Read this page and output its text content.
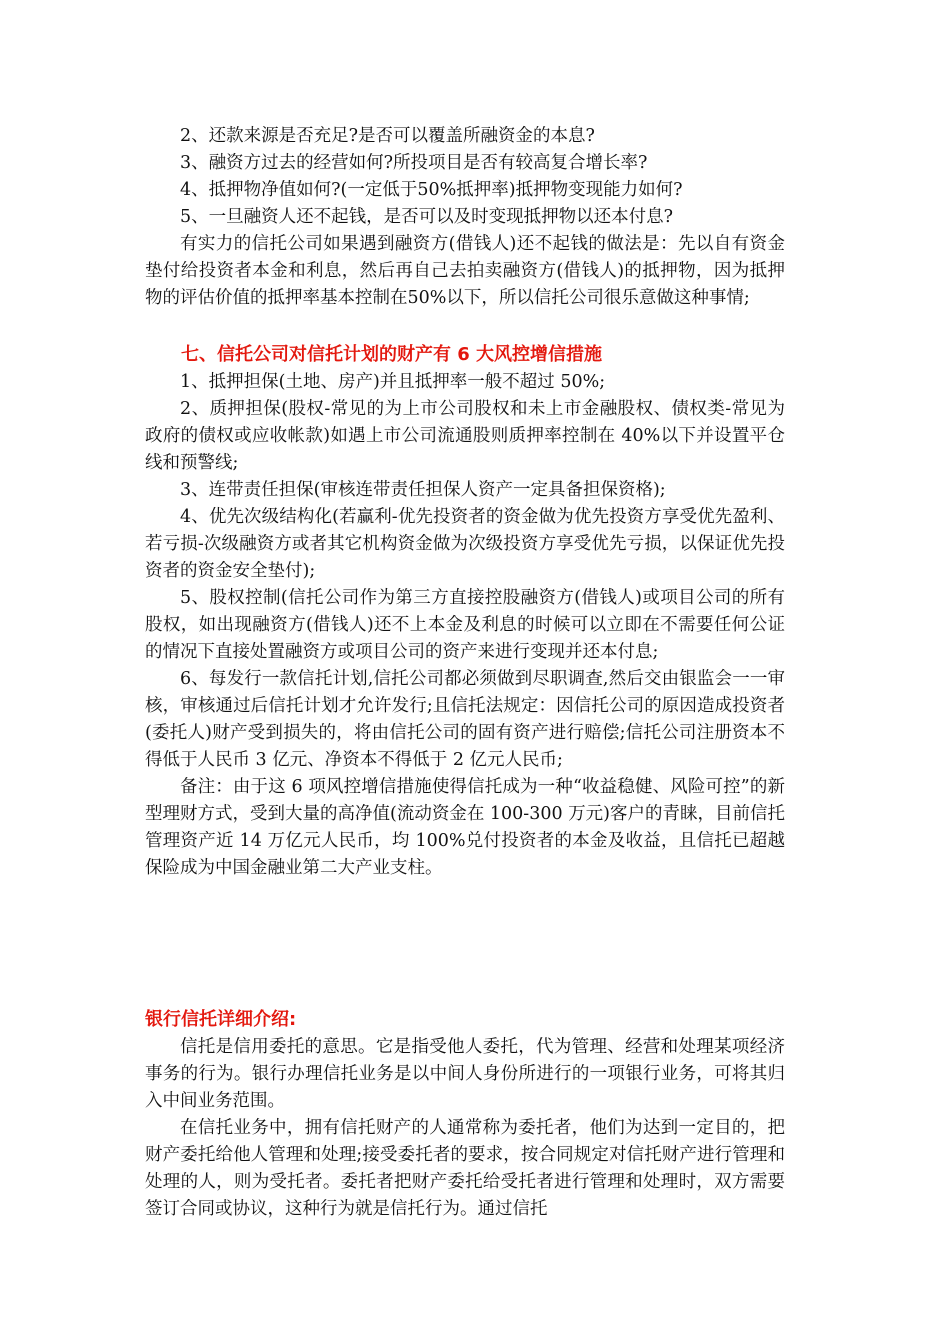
2、还款来源是否充足?是否可以覆盖所融资金的本息?

3、融资方过去的经营如何?所投项目是否有较高复合增长率?

4、抵押物净值如何?(一定低于50%抵押率)抵押物变现能力如何?

5、一旦融资人还不起钱，是否可以及时变现抵押物以还本付息?

有实力的信托公司如果遇到融资方(借钱人)还不起钱的做法是：先以自有资金垫付给投资者本金和利息，然后再自己去拍卖融资方(借钱人)的抵押物，因为抵押物的评估价值的抵押率基本控制在50%以下，所以信托公司很乐意做这种事情;

七、信托公司对信托计划的财产有 6 大风控增信措施

1、抵押担保(土地、房产)并且抵押率一般不超过 50%;

2、质押担保(股权-常见的为上市公司股权和未上市金融股权、债权类-常见为政府的债权或应收帐款)如遇上市公司流通股则质押率控制在 40%以下并设置平仓线和预警线;

3、连带责任担保(审核连带责任担保人资产一定具备担保资格);

4、优先次级结构化(若赢利-优先投资者的资金做为优先投资方享受优先盈利、若亏损-次级融资方或者其它机构资金做为次级投资方享受优先亏损，以保证优先投资者的资金安全垫付);

5、股权控制(信托公司作为第三方直接控股融资方(借钱人)或项目公司的所有股权，如出现融资方(借钱人)还不上本金及利息的时候可以立即在不需要任何公证的情况下直接处置融资方或项目公司的资产来进行变现并还本付息;

6、每发行一款信托计划,信托公司都必须做到尽职调查,然后交由银监会一一审核，审核通过后信托计划才允许发行;且信托法规定：因信托公司的原因造成投资者(委托人)财产受到损失的，将由信托公司的固有资产进行赔偿;信托公司注册资本不得低于人民币 3 亿元、净资本不得低于 2 亿元人民币;

备注：由于这 6 项风控增信措施使得信托成为一种“收益稳健、风险可控”的新型理财方式，受到大量的高净值(流动资金在 100-300 万元)客户的青睐，目前信托管理资产近 14 万亿元人民币，均 100%兑付投资者的本金及收益，且信托已超越保险成为中国金融业第二大产业支柱。

银行信托详细介绍:

信托是信用委托的意思。它是指受他人委托，代为管理、经营和处理某项经济事务的行为。银行办理信托业务是以中间人身份所进行的一项银行业务，可将其归入中间业务范围。

在信托业务中，拥有信托财产的人通常称为委托者，他们为达到一定目的，把财产委托给他人管理和处理;接受委托者的要求，按合同规定对信托财产进行管理和处理的人，则为受托者。委托者把财产委托给受托者进行管理和处理时，双方需要签订合同或协议，这种行为就是信托行为。通过信托
